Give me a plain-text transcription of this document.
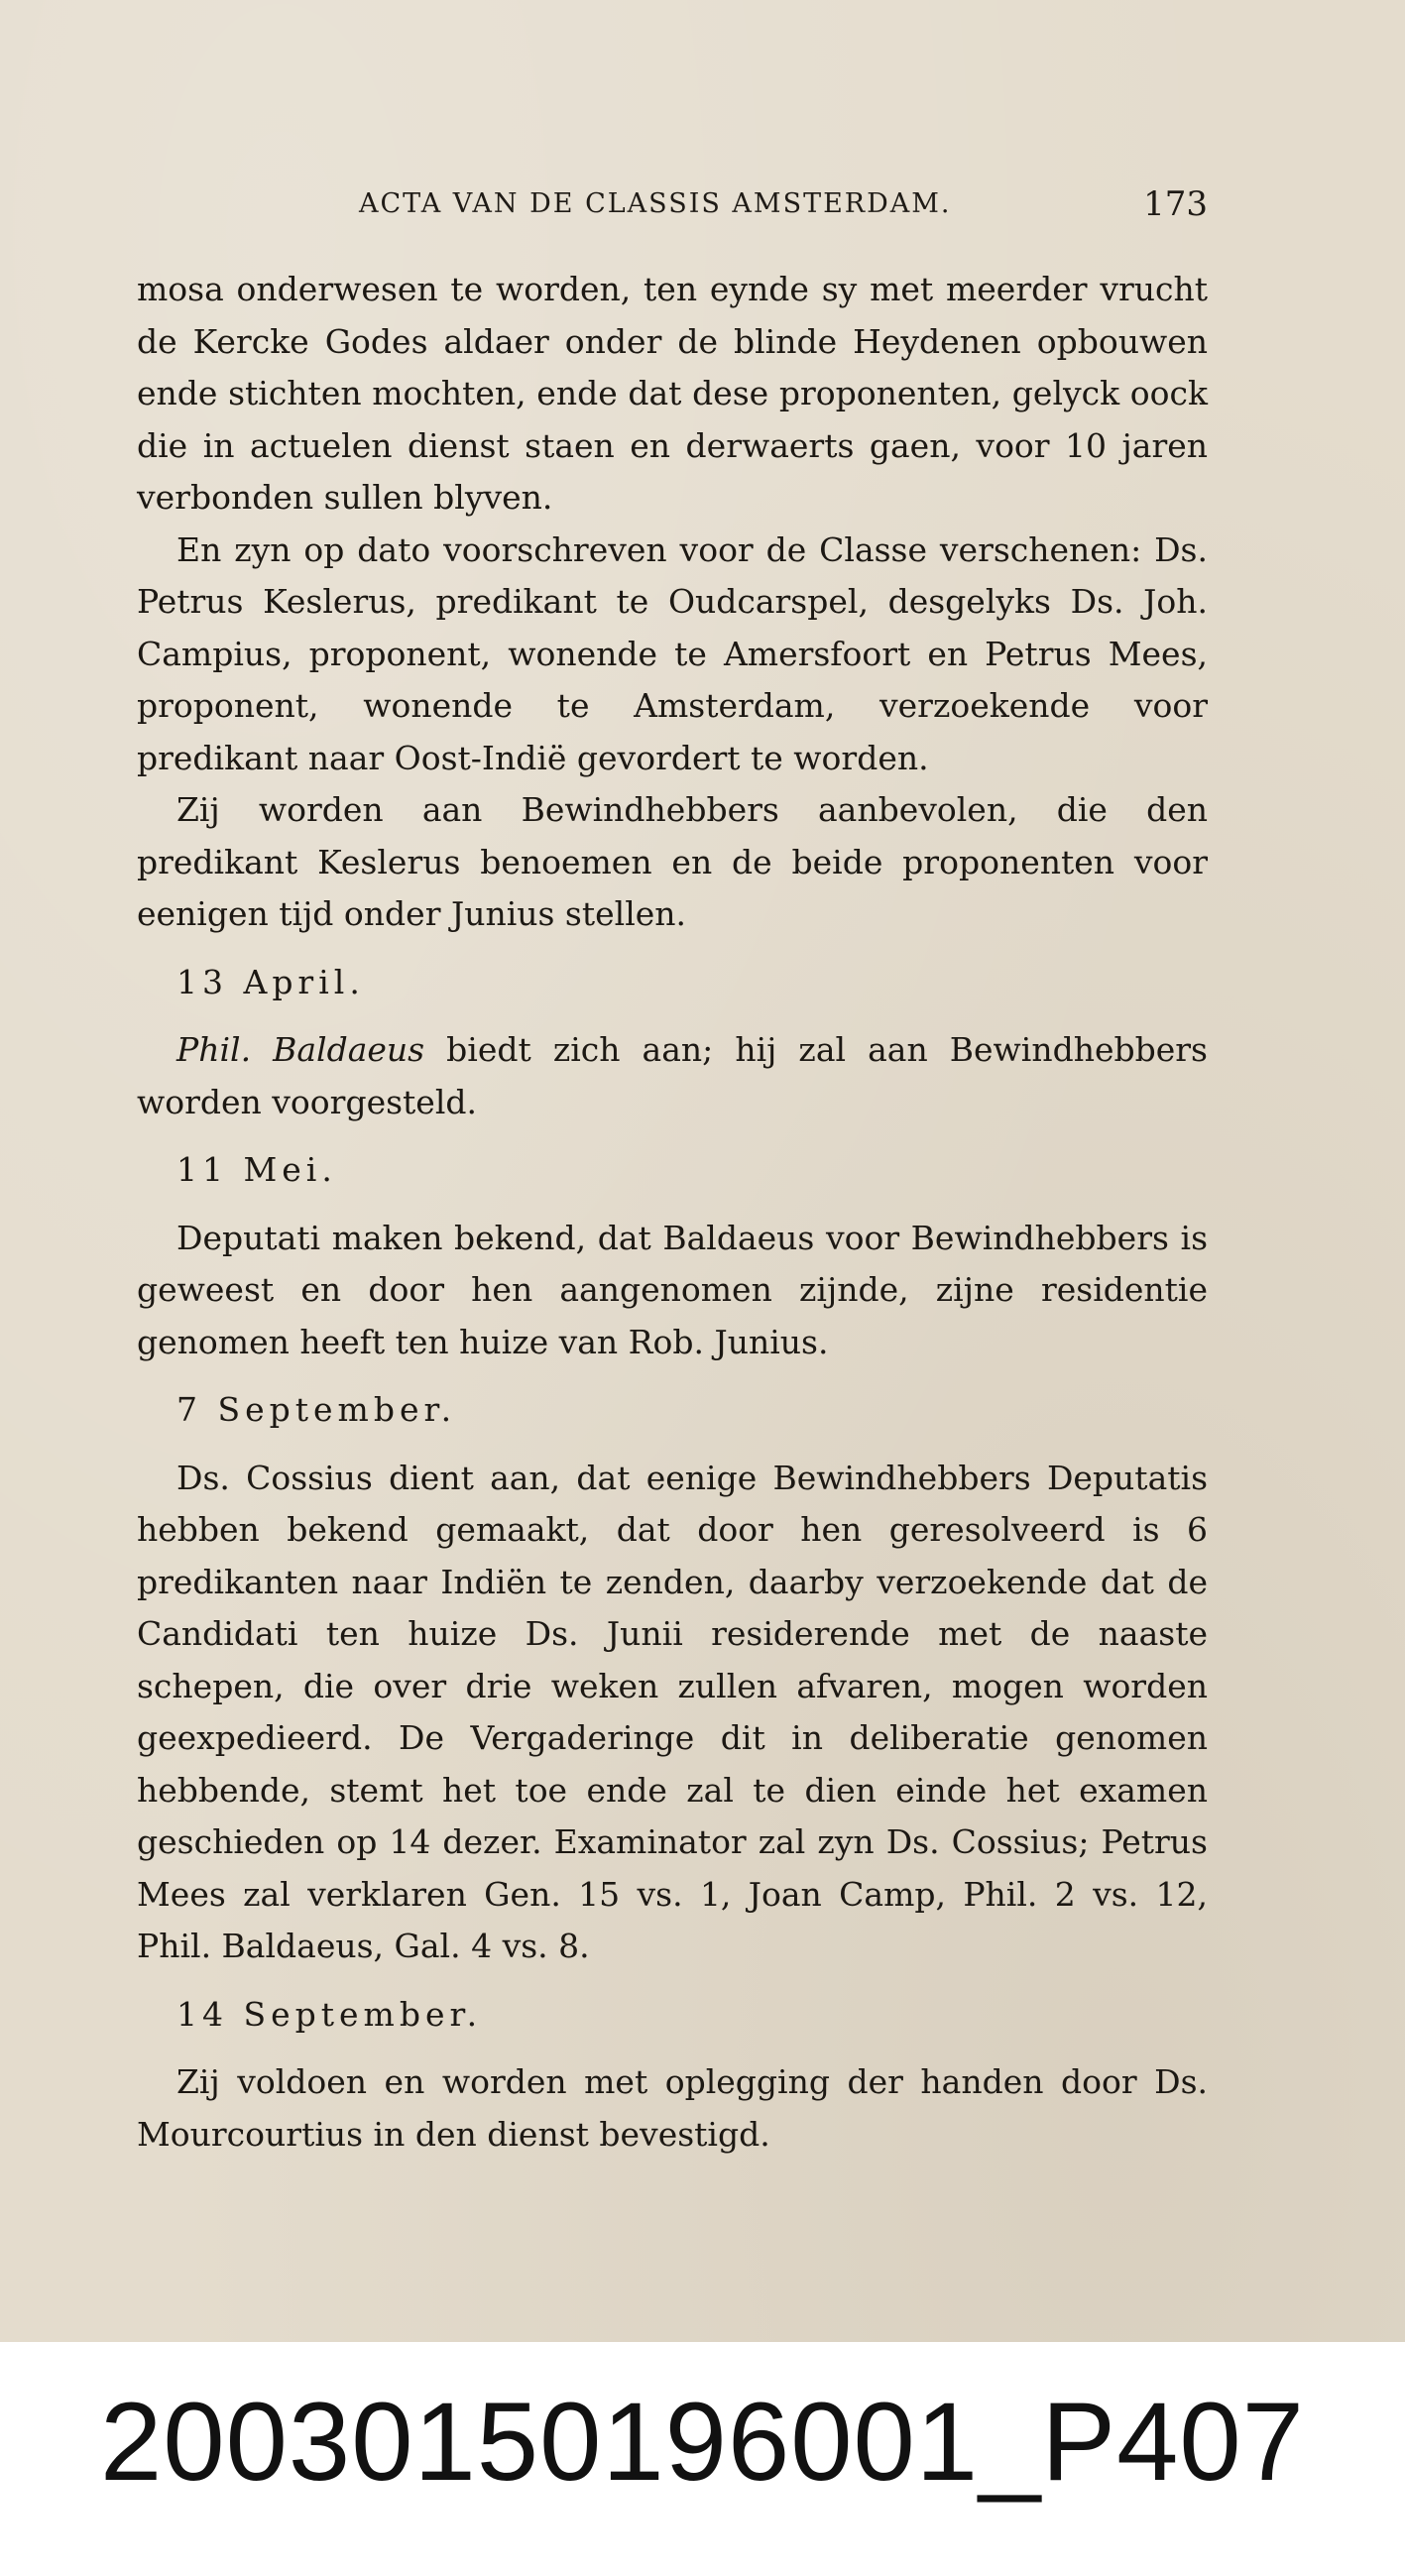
ACTA VAN DE CLASSIS AMSTERDAM.	173

mosa onderwesen te worden, ten eynde sy met meerder vrucht de Kercke Godes aldaer onder de blinde Heydenen opbouwen ende stichten mochten, ende dat dese proponenten, gelyck oock die in actuelen dienst staen en derwaerts gaen, voor 10 jaren verbonden sullen blyven.

En zyn op dato voorschreven voor de Classe verschenen: Ds. Petrus Keslerus, predikant te Oudcarspel, desgelyks Ds. Joh. Campius, proponent, wonende te Amersfoort en Petrus Mees, proponent, wonende te Amsterdam, verzoekende voor predikant naar Oost-Indië gevordert te worden.

Zij worden aan Bewindhebbers aanbevolen, die den predikant Keslerus benoemen en de beide proponenten voor eenigen tijd onder Junius stellen.

13 April.

Phil. Baldaeus biedt zich aan; hij zal aan Bewindhebbers worden voorgesteld.

11 Mei.

Deputati maken bekend, dat Baldaeus voor Bewindhebbers is geweest en door hen aangenomen zijnde, zijne residentie genomen heeft ten huize van Rob. Junius.

7 September.

Ds. Cossius dient aan, dat eenige Bewindhebbers Deputatis hebben bekend gemaakt, dat door hen geresolveerd is 6 predikanten naar Indiën te zenden, daarby verzoekende dat de Candidati ten huize Ds. Junii residerende met de naaste schepen, die over drie weken zullen afvaren, mogen worden geexpedieerd. De Vergaderinge dit in deliberatie genomen hebbende, stemt het toe ende zal te dien einde het examen geschieden op 14 dezer. Examinator zal zyn Ds. Cossius; Petrus Mees zal verklaren Gen. 15 vs. 1, Joan Camp, Phil. 2 vs. 12, Phil. Baldaeus, Gal. 4 vs. 8.

14 September.

Zij voldoen en worden met oplegging der handen door Ds. Mourcourtius in den dienst bevestigd.

20030150196001_P407
